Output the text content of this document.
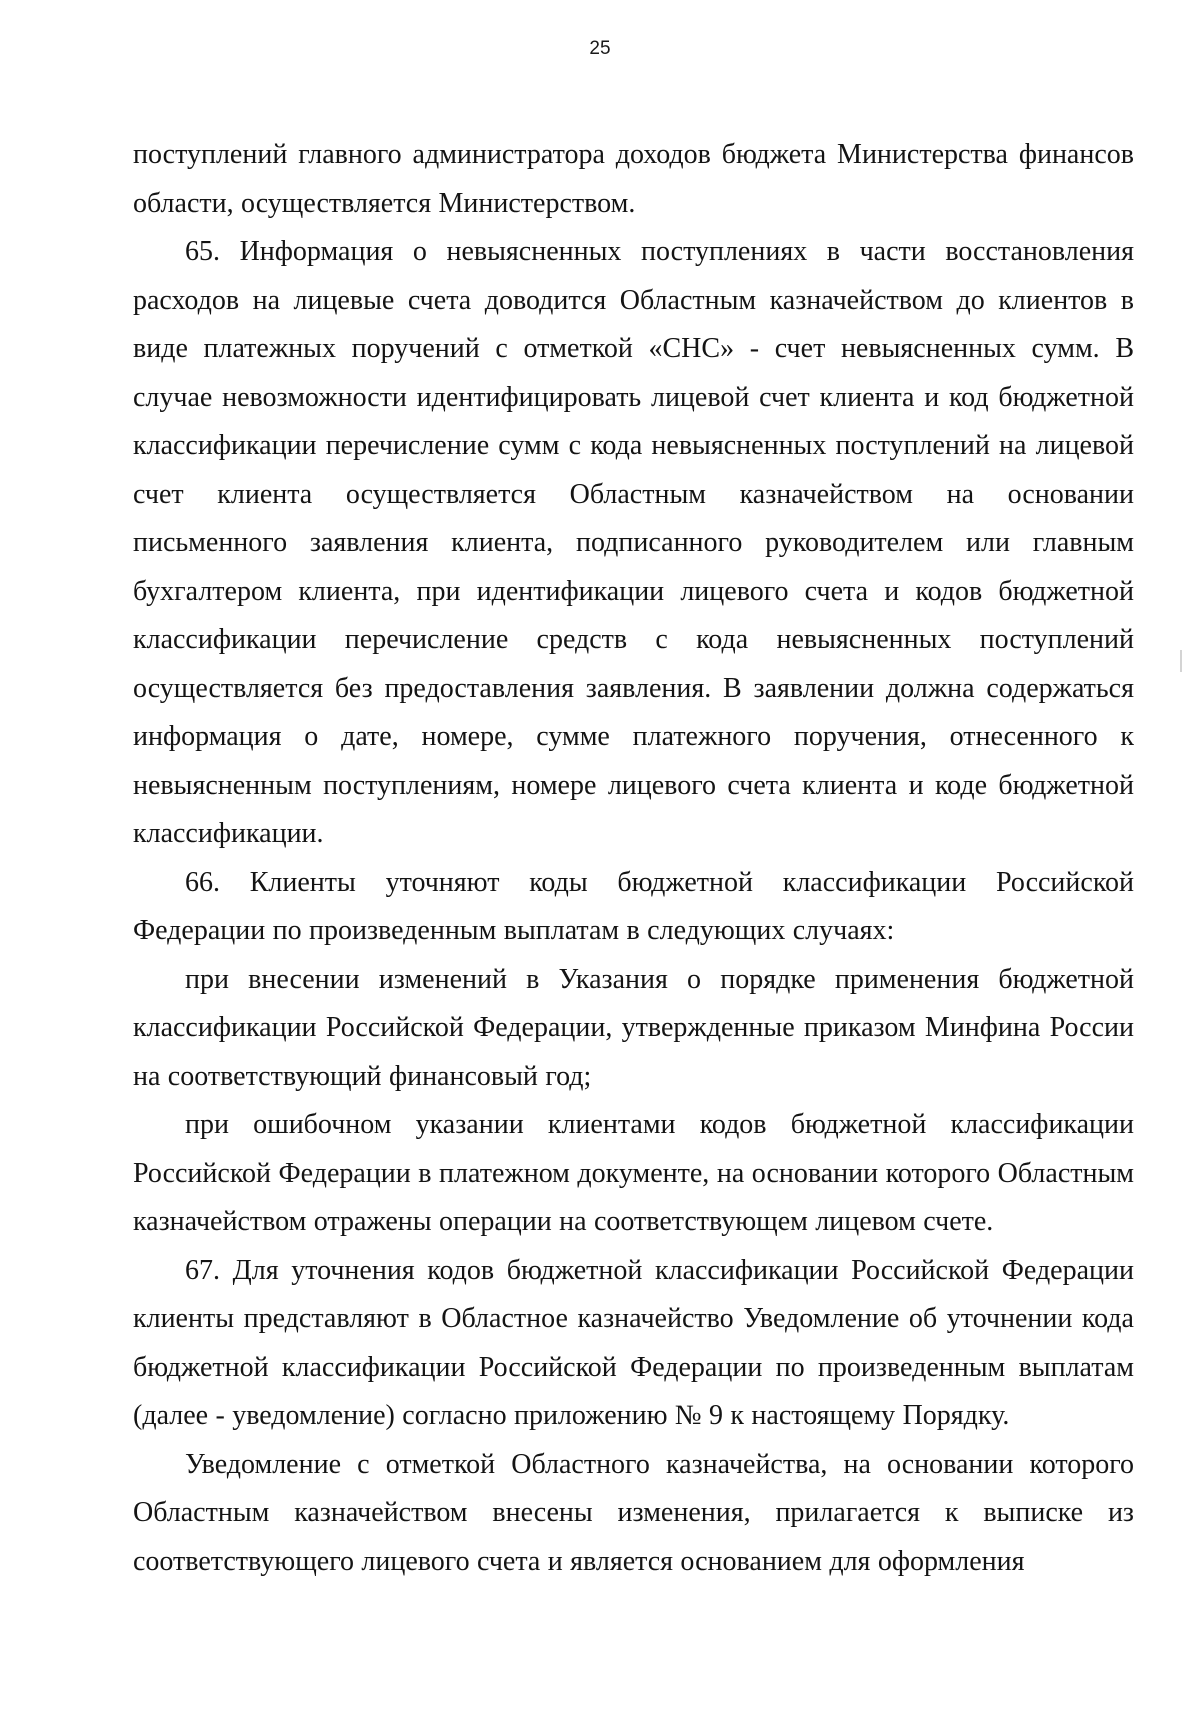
25

поступлений главного администратора доходов бюджета Министерства финансов области, осуществляется Министерством.

65. Информация о невыясненных поступлениях в части восстановления расходов на лицевые счета доводится Областным казначейством до клиентов в виде платежных поручений с отметкой «СНС» - счет невыясненных сумм. В случае невозможности идентифицировать лицевой счет клиента и код бюджетной классификации перечисление сумм с кода невыясненных поступлений на лицевой счет клиента осуществляется Областным казначейством на основании письменного заявления клиента, подписанного руководителем или главным бухгалтером клиента, при идентификации лицевого счета и кодов бюджетной классификации перечисление средств с кода невыясненных поступлений осуществляется без предоставления заявления. В заявлении должна содержаться информация о дате, номере, сумме платежного поручения, отнесенного к невыясненным поступлениям, номере лицевого счета клиента и коде бюджетной классификации.

66. Клиенты уточняют коды бюджетной классификации Российской Федерации по произведенным выплатам в следующих случаях:

при внесении изменений в Указания о порядке применения бюджетной классификации Российской Федерации, утвержденные приказом Минфина России на соответствующий финансовый год;

при ошибочном указании клиентами кодов бюджетной классификации Российской Федерации в платежном документе, на основании которого Областным казначейством отражены операции на соответствующем лицевом счете.

67. Для уточнения кодов бюджетной классификации Российской Федерации клиенты представляют в Областное казначейство Уведомление об уточнении кода бюджетной классификации Российской Федерации по произведенным выплатам (далее - уведомление) согласно приложению № 9 к настоящему Порядку.

Уведомление с отметкой Областного казначейства, на основании которого Областным казначейством внесены изменения, прилагается к выписке из соответствующего лицевого счета и является основанием для оформления
